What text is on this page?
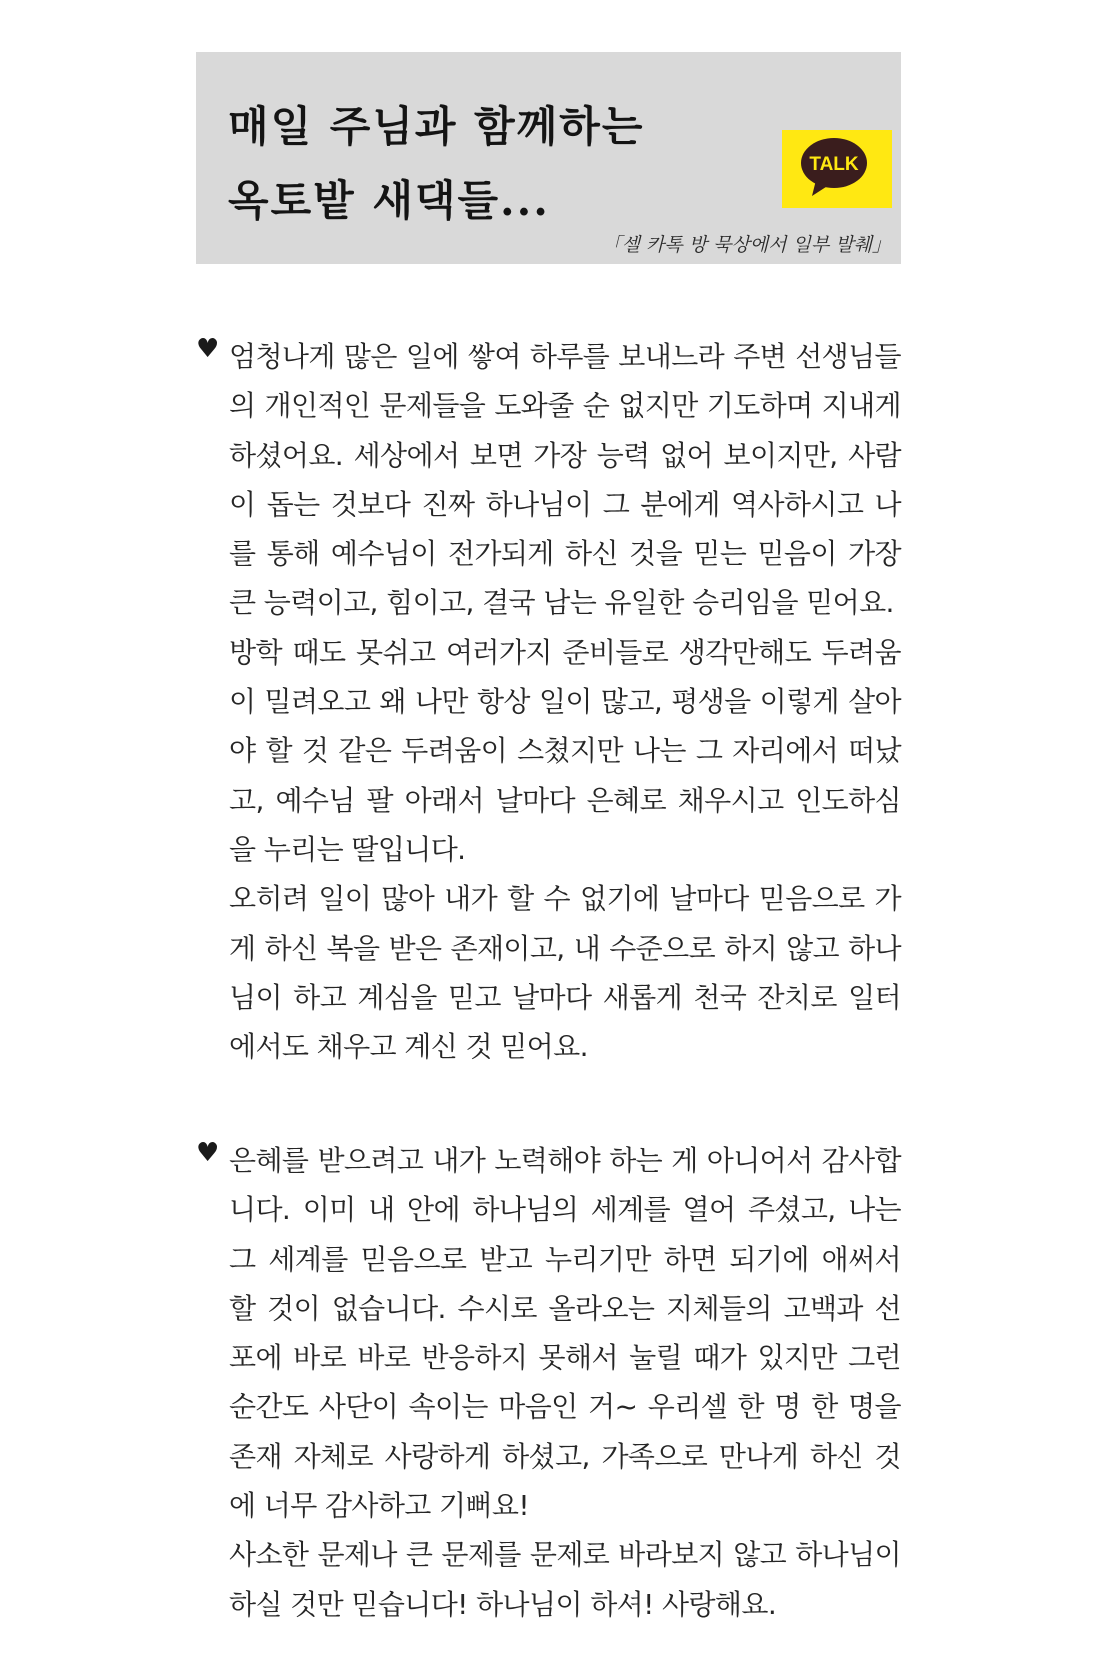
매일 주님과 함께하는
옥토밭 새댁들...
TALK
「셀 카톡 방 묵상에서 일부 발췌」
♥ 엄청나게 많은 일에 쌓여 하루를 보내느라 주변 선생님들의 개인적인 문제들을 도와줄 순 없지만 기도하며 지내게 하셨어요. 세상에서 보면 가장 능력 없어 보이지만, 사람이 돕는 것보다 진짜 하나님이 그 분에게 역사하시고 나를 통해 예수님이 전가되게 하신 것을 믿는 믿음이 가장 큰 능력이고, 힘이고, 결국 남는 유일한 승리임을 믿어요.

방학 때도 못쉬고 여러가지 준비들로 생각만해도 두려움이 밀려오고 왜 나만 항상 일이 많고, 평생을 이렇게 살아야 할 것 같은 두려움이 스쳤지만 나는 그 자리에서 떠났고, 예수님 팔 아래서 날마다 은혜로 채우시고 인도하심을 누리는 딸입니다.

오히려 일이 많아 내가 할 수 없기에 날마다 믿음으로 가게 하신 복을 받은 존재이고, 내 수준으로 하지 않고 하나님이 하고 계심을 믿고 날마다 새롭게 천국 잔치로 일터에서도 채우고 계신 것 믿어요.

♥ 은혜를 받으려고 내가 노력해야 하는 게 아니어서 감사합니다. 이미 내 안에 하나님의 세계를 열어 주셨고, 나는 그 세계를 믿음으로 받고 누리기만 하면 되기에 애써서 할 것이 없습니다. 수시로 올라오는 지체들의 고백과 선포에 바로 바로 반응하지 못해서 눌릴 때가 있지만 그런 순간도 사단이 속이는 마음인 거~ 우리셀 한 명 한 명을 존재 자체로 사랑하게 하셨고, 가족으로 만나게 하신 것에 너무 감사하고 기뻐요!

사소한 문제나 큰 문제를 문제로 바라보지 않고 하나님이 하실 것만 믿습니다! 하나님이 하셔! 사랑해요.
